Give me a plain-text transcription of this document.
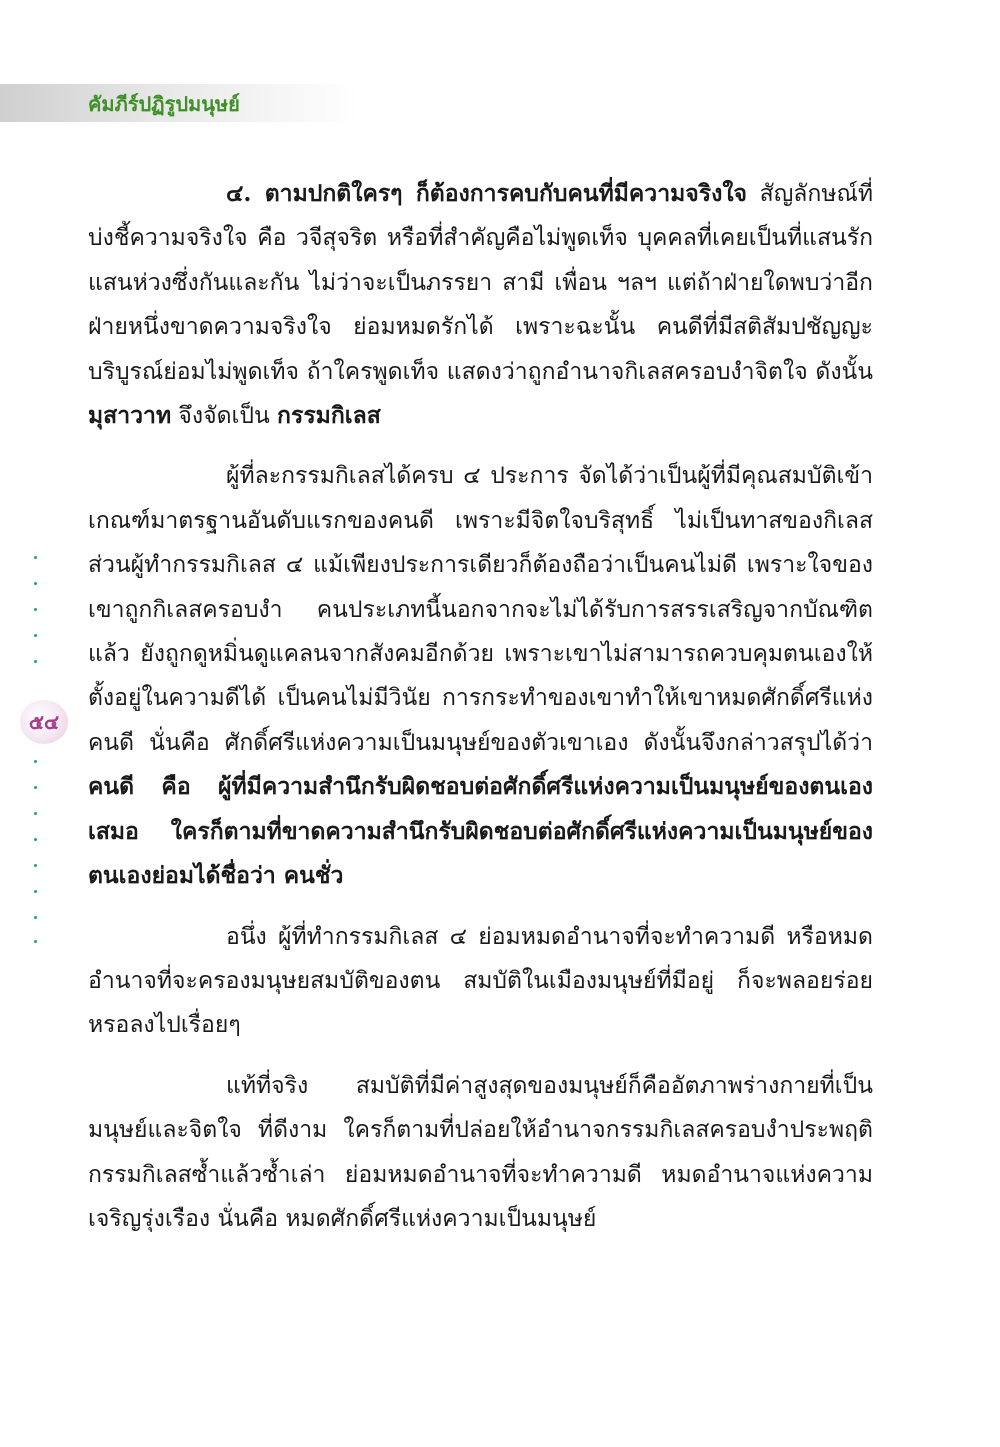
คัมภีร์ปฏิรูปมนุษย์
๕๔

๔. ตามปกติใครๆ ก็ต้องการคบกับคนที่มีความจริงใจ สัญลักษณ์ที่บ่งชี้ความจริงใจ คือ วจีสุจริต หรือที่สำคัญคือไม่พูดเท็จ บุคคลที่เคยเป็นที่แสนรักแสนห่วงซึ่งกันและกัน ไม่ว่าจะเป็นภรรยา สามี เพื่อน ฯลฯ แต่ถ้าฝ่ายใดพบว่าอีกฝ่ายหนึ่งขาดความจริงใจ ย่อมหมดรักได้ เพราะฉะนั้น คนดีที่มีสติสัมปชัญญะบริบูรณ์ย่อมไม่พูดเท็จ ถ้าใครพูดเท็จ แสดงว่าถูกอำนาจกิเลสครอบงำจิตใจ ดังนั้น มุสาวาท จึงจัดเป็น กรรมกิเลส

ผู้ที่ละกรรมกิเลสได้ครบ ๔ ประการ จัดได้ว่าเป็นผู้ที่มีคุณสมบัติเข้าเกณฑ์มาตรฐานอันดับแรกของคนดี เพราะมีจิตใจบริสุทธิ์ ไม่เป็นทาสของกิเลส ส่วนผู้ทำกรรมกิเลส ๔ แม้เพียงประการเดียวก็ต้องถือว่าเป็นคนไม่ดี เพราะใจของเขาถูกกิเลสครอบงำ คนประเภทนี้นอกจากจะไม่ได้รับการสรรเสริญจากบัณฑิตแล้ว ยังถูกดูหมิ่นดูแคลนจากสังคมอีกด้วย เพราะเขาไม่สามารถควบคุมตนเองให้ตั้งอยู่ในความดีได้ เป็นคนไม่มีวินัย การกระทำของเขาทำให้เขาหมดศักดิ์ศรีแห่งคนดี นั่นคือ ศักดิ์ศรีแห่งความเป็นมนุษย์ของตัวเขาเอง ดังนั้นจึงกล่าวสรุปได้ว่า คนดี คือ ผู้ที่มีความสำนึกรับผิดชอบต่อศักดิ์ศรีแห่งความเป็นมนุษย์ของตนเองเสมอ ใครก็ตามที่ขาดความสำนึกรับผิดชอบต่อศักดิ์ศรีแห่งความเป็นมนุษย์ของตนเองย่อมได้ชื่อว่า คนชั่ว

อนึ่ง ผู้ที่ทำกรรมกิเลส ๔ ย่อมหมดอำนาจที่จะทำความดี หรือหมดอำนาจที่จะครองมนุษยสมบัติของตน สมบัติในเมืองมนุษย์ที่มีอยู่ ก็จะพลอยร่อยหรอลงไปเรื่อยๆ

แท้ที่จริง สมบัติที่มีค่าสูงสุดของมนุษย์ก็คืออัตภาพร่างกายที่เป็นมนุษย์และจิตใจ ที่ดีงาม ใครก็ตามที่ปล่อยให้อำนาจกรรมกิเลสครอบงำประพฤติกรรมกิเลสซ้ำแล้วซ้ำเล่า ย่อมหมดอำนาจที่จะทำความดี หมดอำนาจแห่งความเจริญรุ่งเรือง นั่นคือ หมดศักดิ์ศรีแห่งความเป็นมนุษย์
